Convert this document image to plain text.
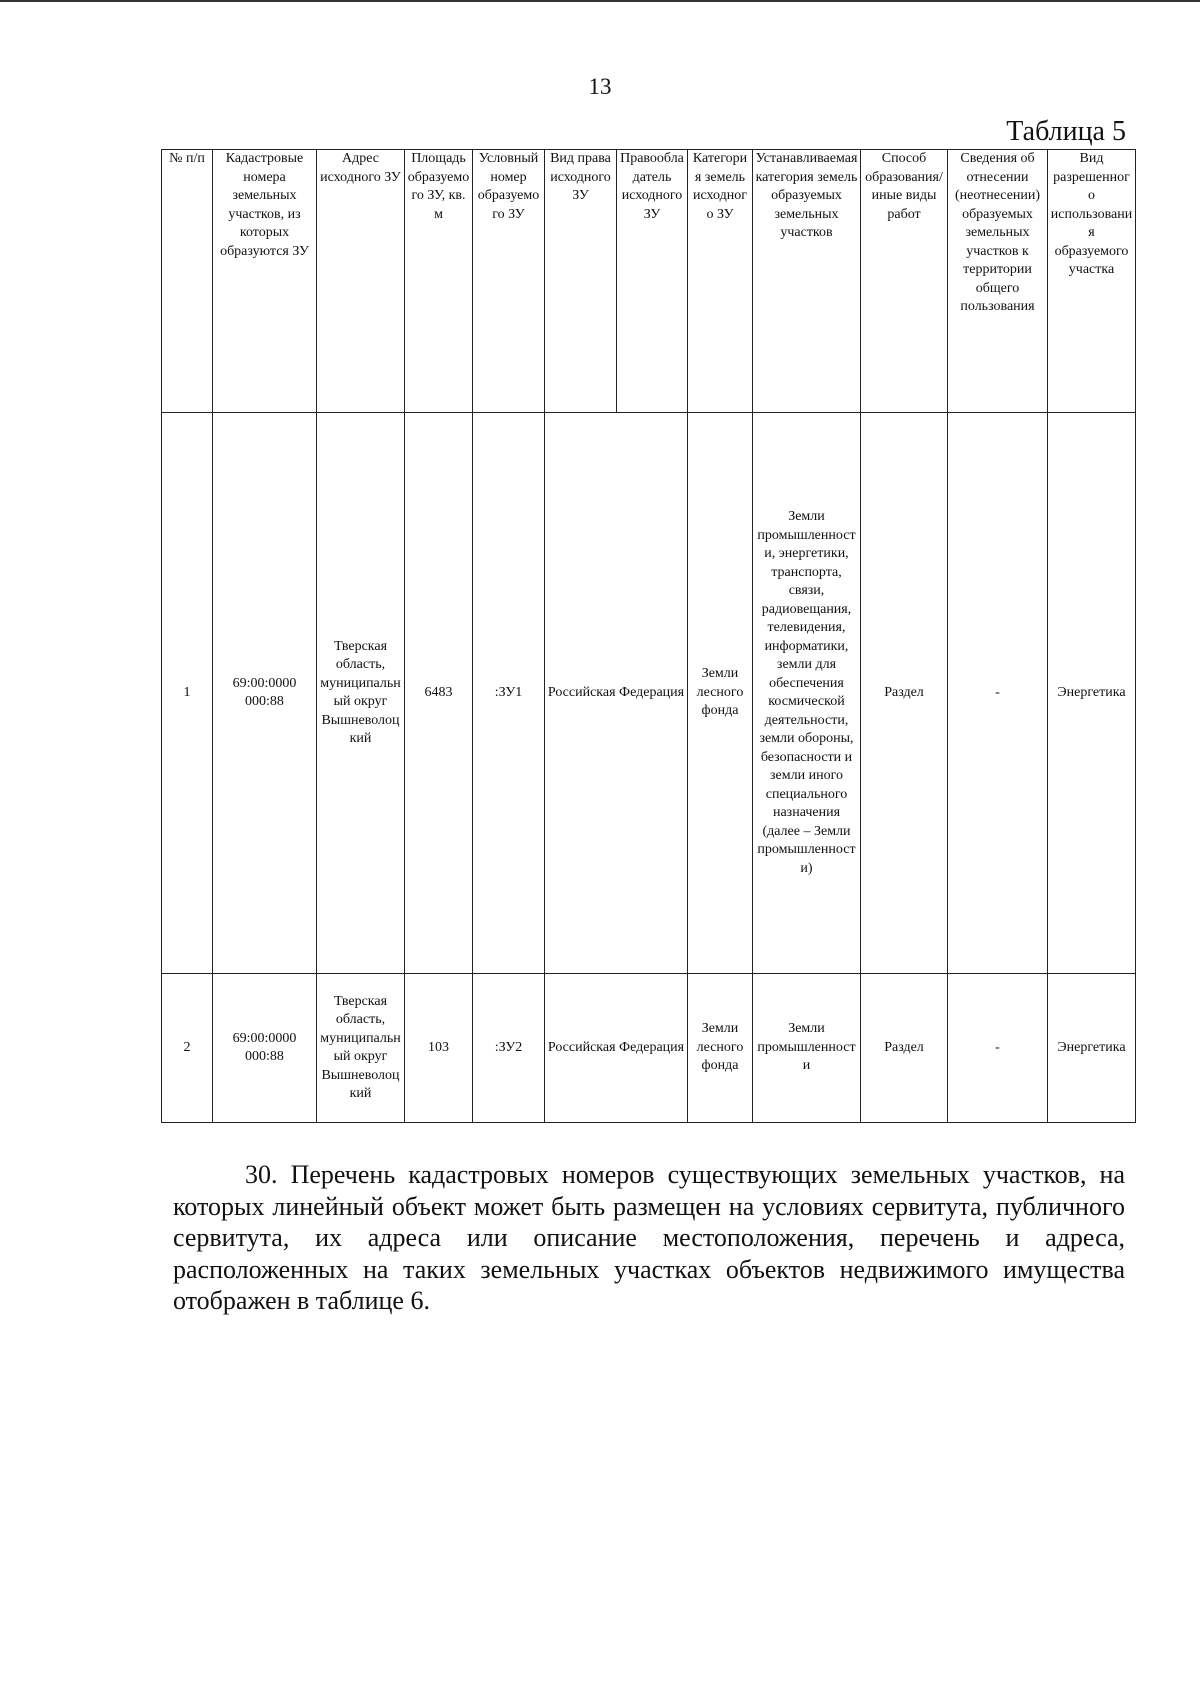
13
Таблица 5
№ п/п	Кадастровые номера земельных участков, из которых образуются ЗУ	Адрес исходного ЗУ	Площадь образуемого ЗУ, кв. м	Условный номер образуемого ЗУ	Вид права исходного ЗУ	Правообладатель исходного ЗУ	Категория земель исходного ЗУ	Устанавливаемая категория земель образуемых земельных участков	Способ образования/ иные виды работ	Сведения об отнесении (неотнесении) образуемых земельных участков к территории общего пользования	Вид разрешенного использования образуемого участка
1	69:00:0000 000:88	Тверская область, муниципальный округ Вышневолоцкий	6483	:ЗУ1	Российская Федерация		Земли лесного фонда	Земли промышленности, энергетики, транспорта, связи, радиовещания, телевидения, информатики, земли для обеспечения космической деятельности, земли обороны, безопасности и земли иного специального назначения (далее – Земли промышленности)	Раздел	-	Энергетика
2	69:00:0000 000:88	Тверская область, муниципальный округ Вышневолоцкий	103	:ЗУ2	Российская Федерация		Земли лесного фонда	Земли промышленности	Раздел	-	Энергетика

30. Перечень кадастровых номеров существующих земельных участков, на которых линейный объект может быть размещен на условиях сервитута, публичного сервитута, их адреса или описание местоположения, перечень и адреса, расположенных на таких земельных участках объектов недвижимого имущества отображен в таблице 6.
